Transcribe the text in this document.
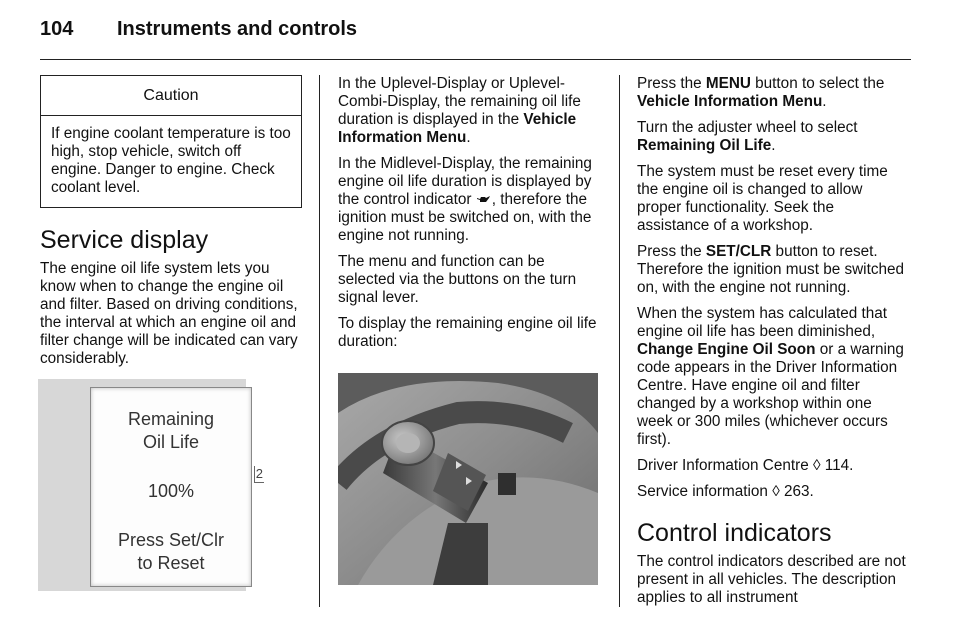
104 Instruments and controls
Caution
If engine coolant temperature is too high, stop vehicle, switch off engine. Danger to engine. Check coolant level.
Service display

The engine oil life system lets you know when to change the engine oil and filter. Based on driving conditions, the interval at which an engine oil and filter change will be indicated can vary considerably.

Remaining
Oil Life
100%
Press Set/Clr
to Reset
2

In the Uplevel-Display or Uplevel-Combi-Display, the remaining oil life duration is displayed in the Vehicle Information Menu.

In the Midlevel-Display, the remaining engine oil life duration is displayed by the control indicator , therefore the ignition must be switched on, with the engine not running.

The menu and function can be selected via the buttons on the turn signal lever.

To display the remaining engine oil life duration:

Press the MENU button to select the Vehicle Information Menu.

Turn the adjuster wheel to select Remaining Oil Life.

The system must be reset every time the engine oil is changed to allow proper functionality. Seek the assistance of a workshop.

Press the SET/CLR button to reset. Therefore the ignition must be switched on, with the engine not running.

When the system has calculated that engine oil life has been diminished, Change Engine Oil Soon or a warning code appears in the Driver Information Centre. Have engine oil and filter changed by a workshop within one week or 300 miles (whichever occurs first).

Driver Information Centre ◊ 114.

Service information ◊ 263.

Control indicators

The control indicators described are not present in all vehicles. The description applies to all instrument
